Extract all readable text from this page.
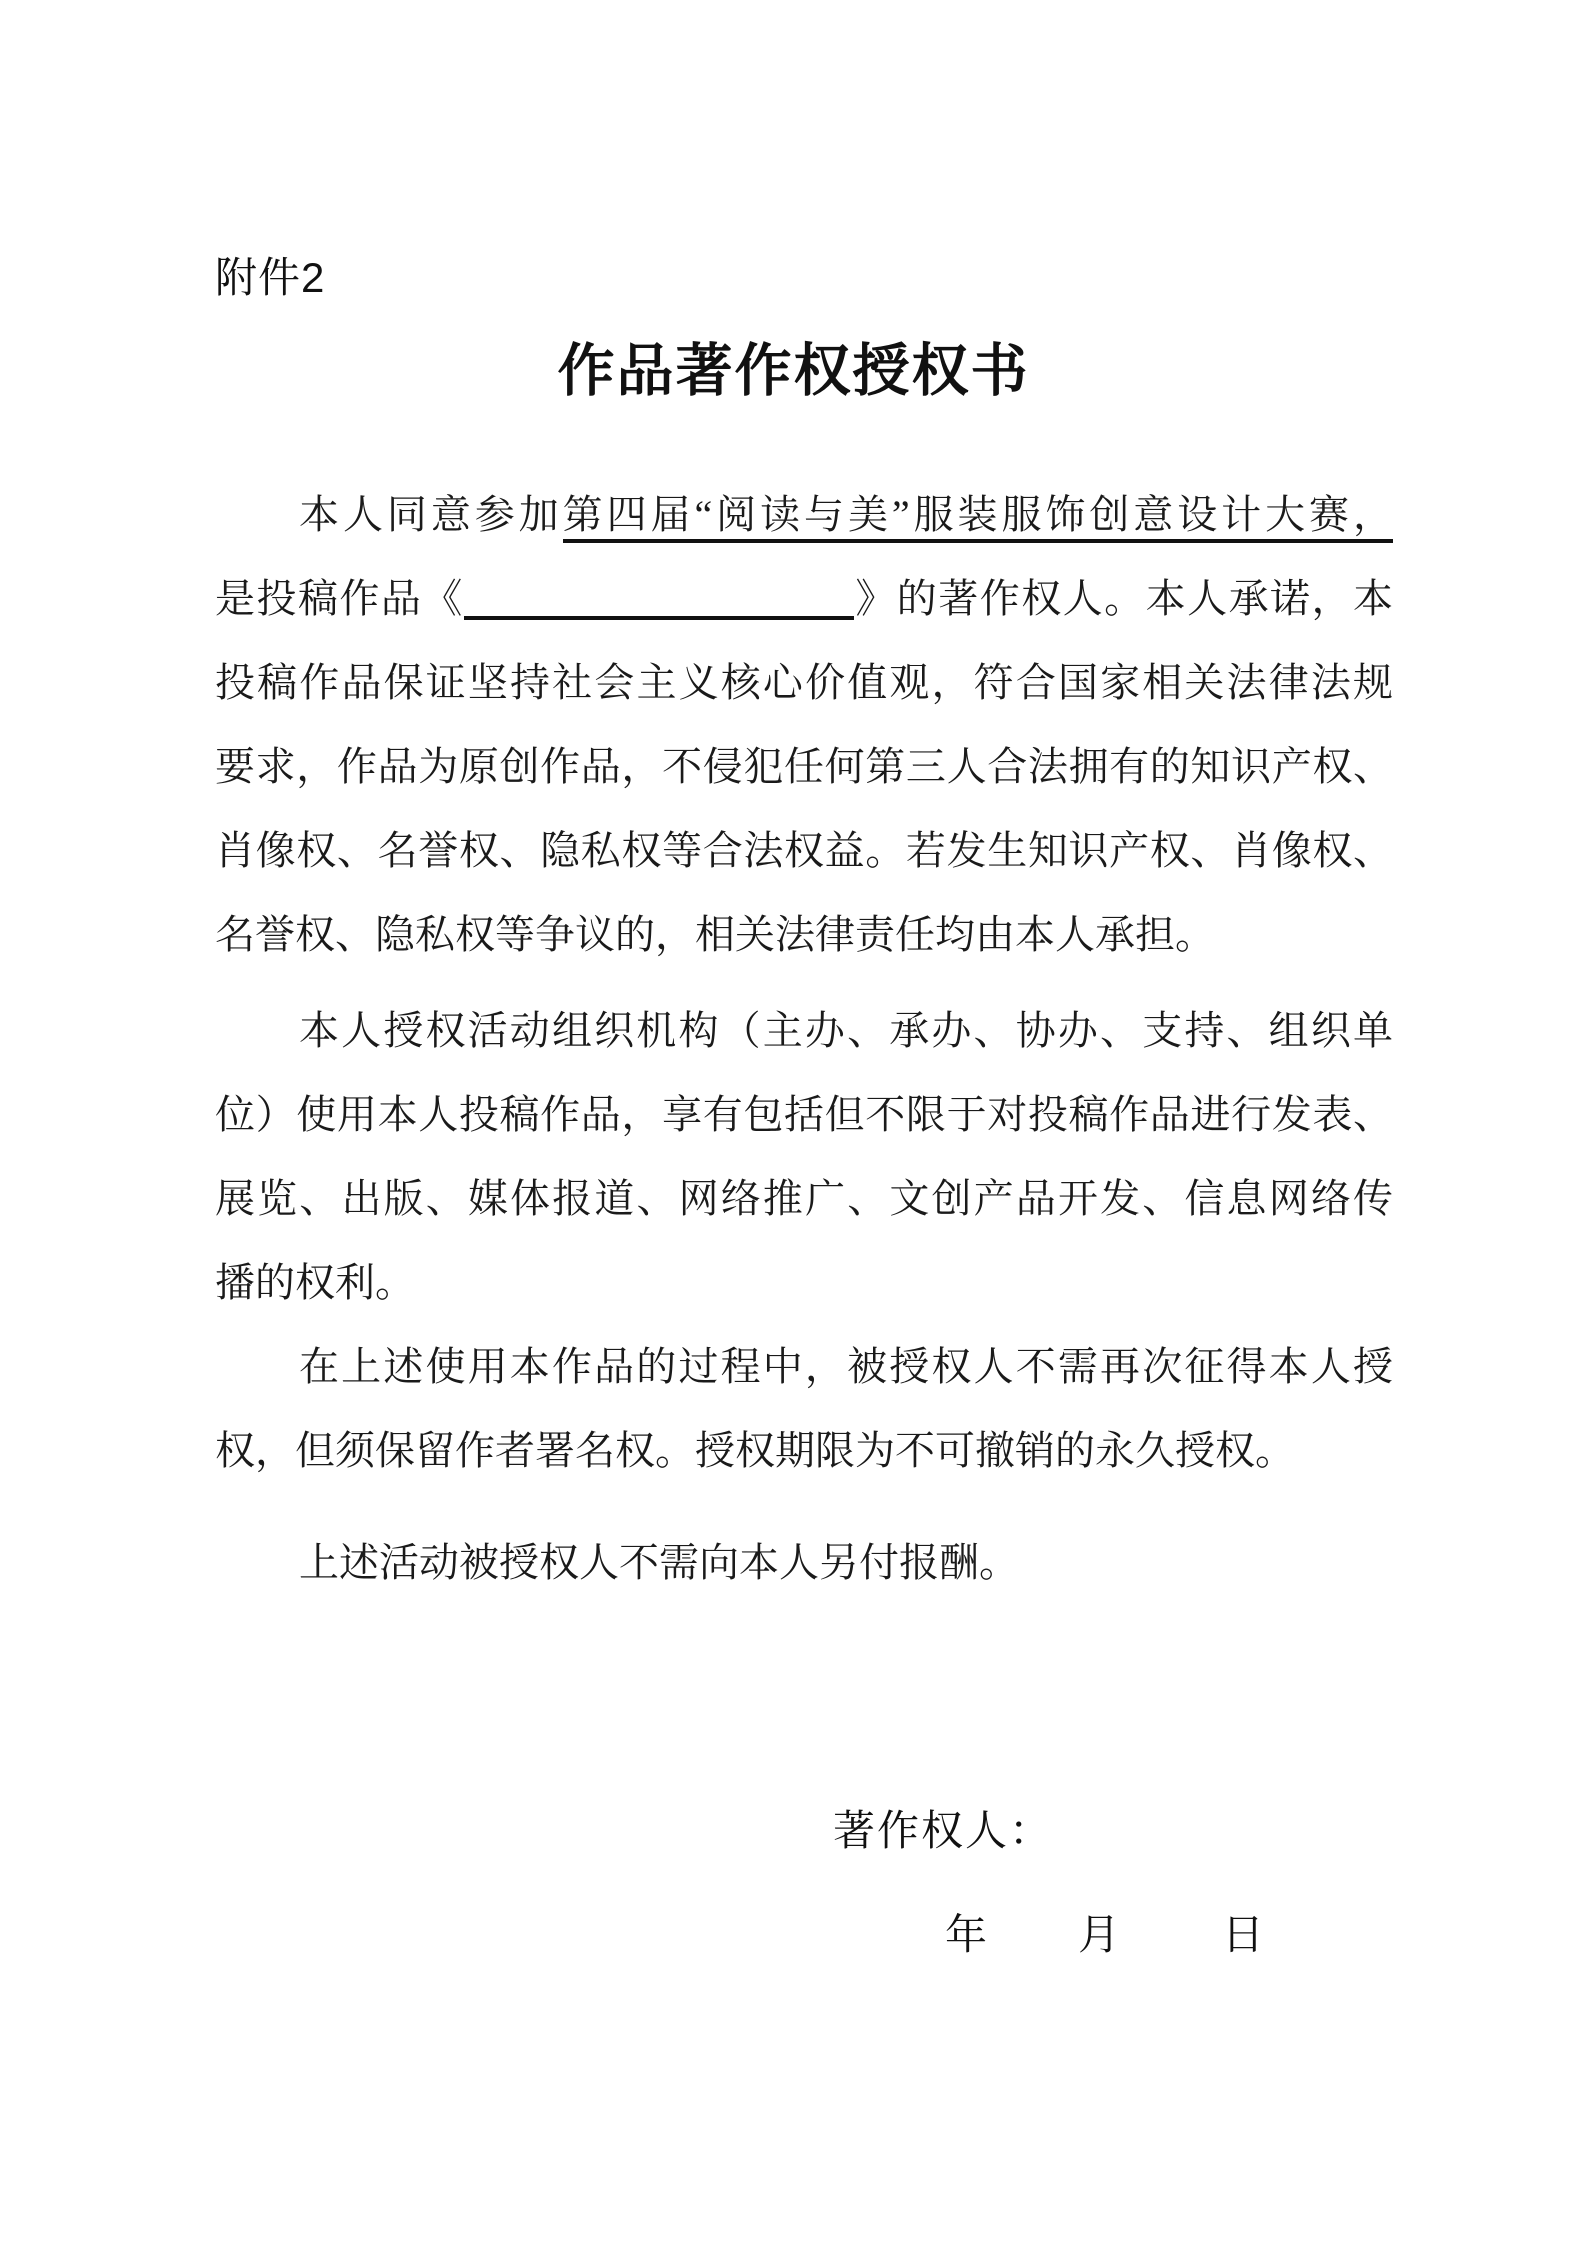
附件2
作品著作权授权书
本人同意参加第四届“阅读与美”服装服饰创意设计大赛，
是投稿作品《	》的著作权人。本人承诺，本
投稿作品保证坚持社会主义核心价值观，符合国家相关法律法规
要求，作品为原创作品，不侵犯任何第三人合法拥有的知识产权、
肖像权、名誉权、隐私权等合法权益。若发生知识产权、肖像权、
名誉权、隐私权等争议的，相关法律责任均由本人承担。
本人授权活动组织机构（主办、承办、协办、支持、组织单
位）使用本人投稿作品，享有包括但不限于对投稿作品进行发表、
展览、出版、媒体报道、网络推广、文创产品开发、信息网络传
播的权利。
在上述使用本作品的过程中，被授权人不需再次征得本人授
权，但须保留作者署名权。授权期限为不可撤销的永久授权。
上述活动被授权人不需向本人另付报酬。
著作权人：
年 月 日
